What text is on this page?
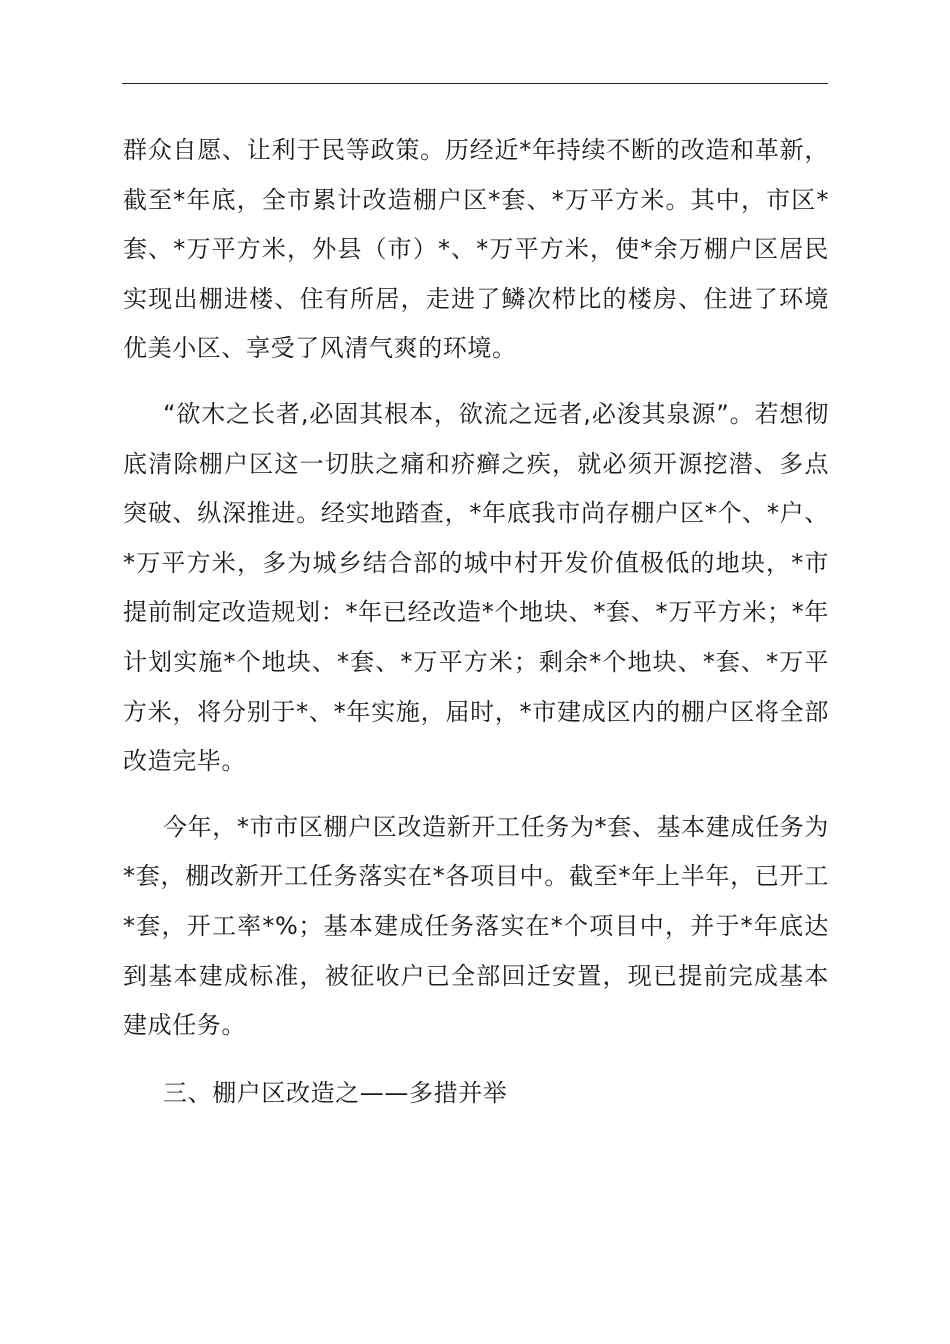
群众自愿、让利于民等政策。历经近*年持续不断的改造和革新，截至*年底，全市累计改造棚户区*套、*万平方米。其中，市区*套、*万平方米，外县（市）*、*万平方米，使*余万棚户区居民实现出棚进楼、住有所居，走进了鳞次栉比的楼房、住进了环境优美小区、享受了风清气爽的环境。

“欲木之长者,必固其根本，欲流之远者,必浚其泉源”。若想彻底清除棚户区这一切肤之痛和疥癣之疾，就必须开源挖潜、多点突破、纵深推进。经实地踏查，*年底我市尚存棚户区*个、*户、*万平方米，多为城乡结合部的城中村开发价值极低的地块，*市提前制定改造规划：*年已经改造*个地块、*套、*万平方米；*年计划实施*个地块、*套、*万平方米；剩余*个地块、*套、*万平方米，将分别于*、*年实施，届时，*市建成区内的棚户区将全部改造完毕。

今年，*市市区棚户区改造新开工任务为*套、基本建成任务为*套，棚改新开工任务落实在*各项目中。截至*年上半年，已开工*套，开工率*%；基本建成任务落实在*个项目中，并于*年底达到基本建成标准，被征收户已全部回迁安置，现已提前完成基本建成任务。

三、棚户区改造之——多措并举
